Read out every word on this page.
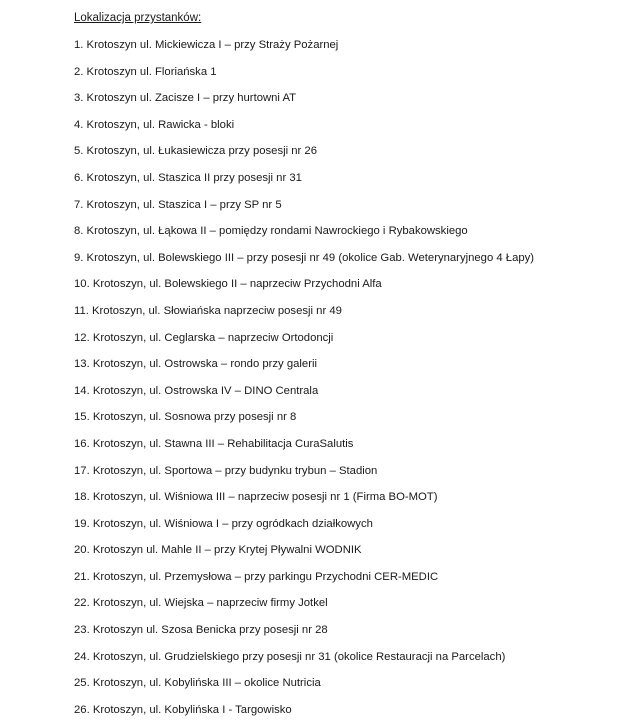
Lokalizacja przystanków:
1. Krotoszyn ul. Mickiewicza I – przy Straży Pożarnej
2. Krotoszyn ul. Floriańska 1
3. Krotoszyn ul. Zacisze I – przy hurtowni AT
4. Krotoszyn, ul. Rawicka - bloki
5. Krotoszyn, ul. Łukasiewicza przy posesji nr 26
6. Krotoszyn, ul. Staszica II przy posesji nr 31
7. Krotoszyn, ul. Staszica I – przy SP nr 5
8. Krotoszyn, ul. Łąkowa II – pomiędzy rondami Nawrockiego i Rybakowskiego
9. Krotoszyn, ul. Bolewskiego III – przy posesji nr 49 (okolice Gab. Weterynaryjnego 4 Łapy)
10. Krotoszyn, ul. Bolewskiego II – naprzeciw Przychodni Alfa
11. Krotoszyn, ul. Słowiańska naprzeciw posesji nr 49
12. Krotoszyn, ul. Ceglarska – naprzeciw Ortodoncji
13. Krotoszyn, ul. Ostrowska – rondo przy galerii
14. Krotoszyn, ul. Ostrowska IV – DINO Centrala
15. Krotoszyn, ul. Sosnowa przy posesji nr 8
16. Krotoszyn, ul. Stawna III – Rehabilitacja CuraSalutis
17. Krotoszyn, ul. Sportowa – przy budynku trybun – Stadion
18. Krotoszyn, ul. Wiśniowa III – naprzeciw posesji nr 1 (Firma BO-MOT)
19. Krotoszyn, ul. Wiśniowa I – przy ogródkach działkowych
20. Krotoszyn ul. Mahle II – przy Krytej Pływalni WODNIK
21. Krotoszyn, ul. Przemysłowa – przy parkingu Przychodni CER-MEDIC
22. Krotoszyn, ul. Wiejska – naprzeciw firmy Jotkel
23. Krotoszyn ul. Szosa Benicka przy posesji nr 28
24. Krotoszyn, ul. Grudzielskiego przy posesji nr 31 (okolice Restauracji na Parcelach)
25. Krotoszyn, ul. Kobylińska III – okolice Nutricia
26. Krotoszyn, ul. Kobylińska I - Targowisko
